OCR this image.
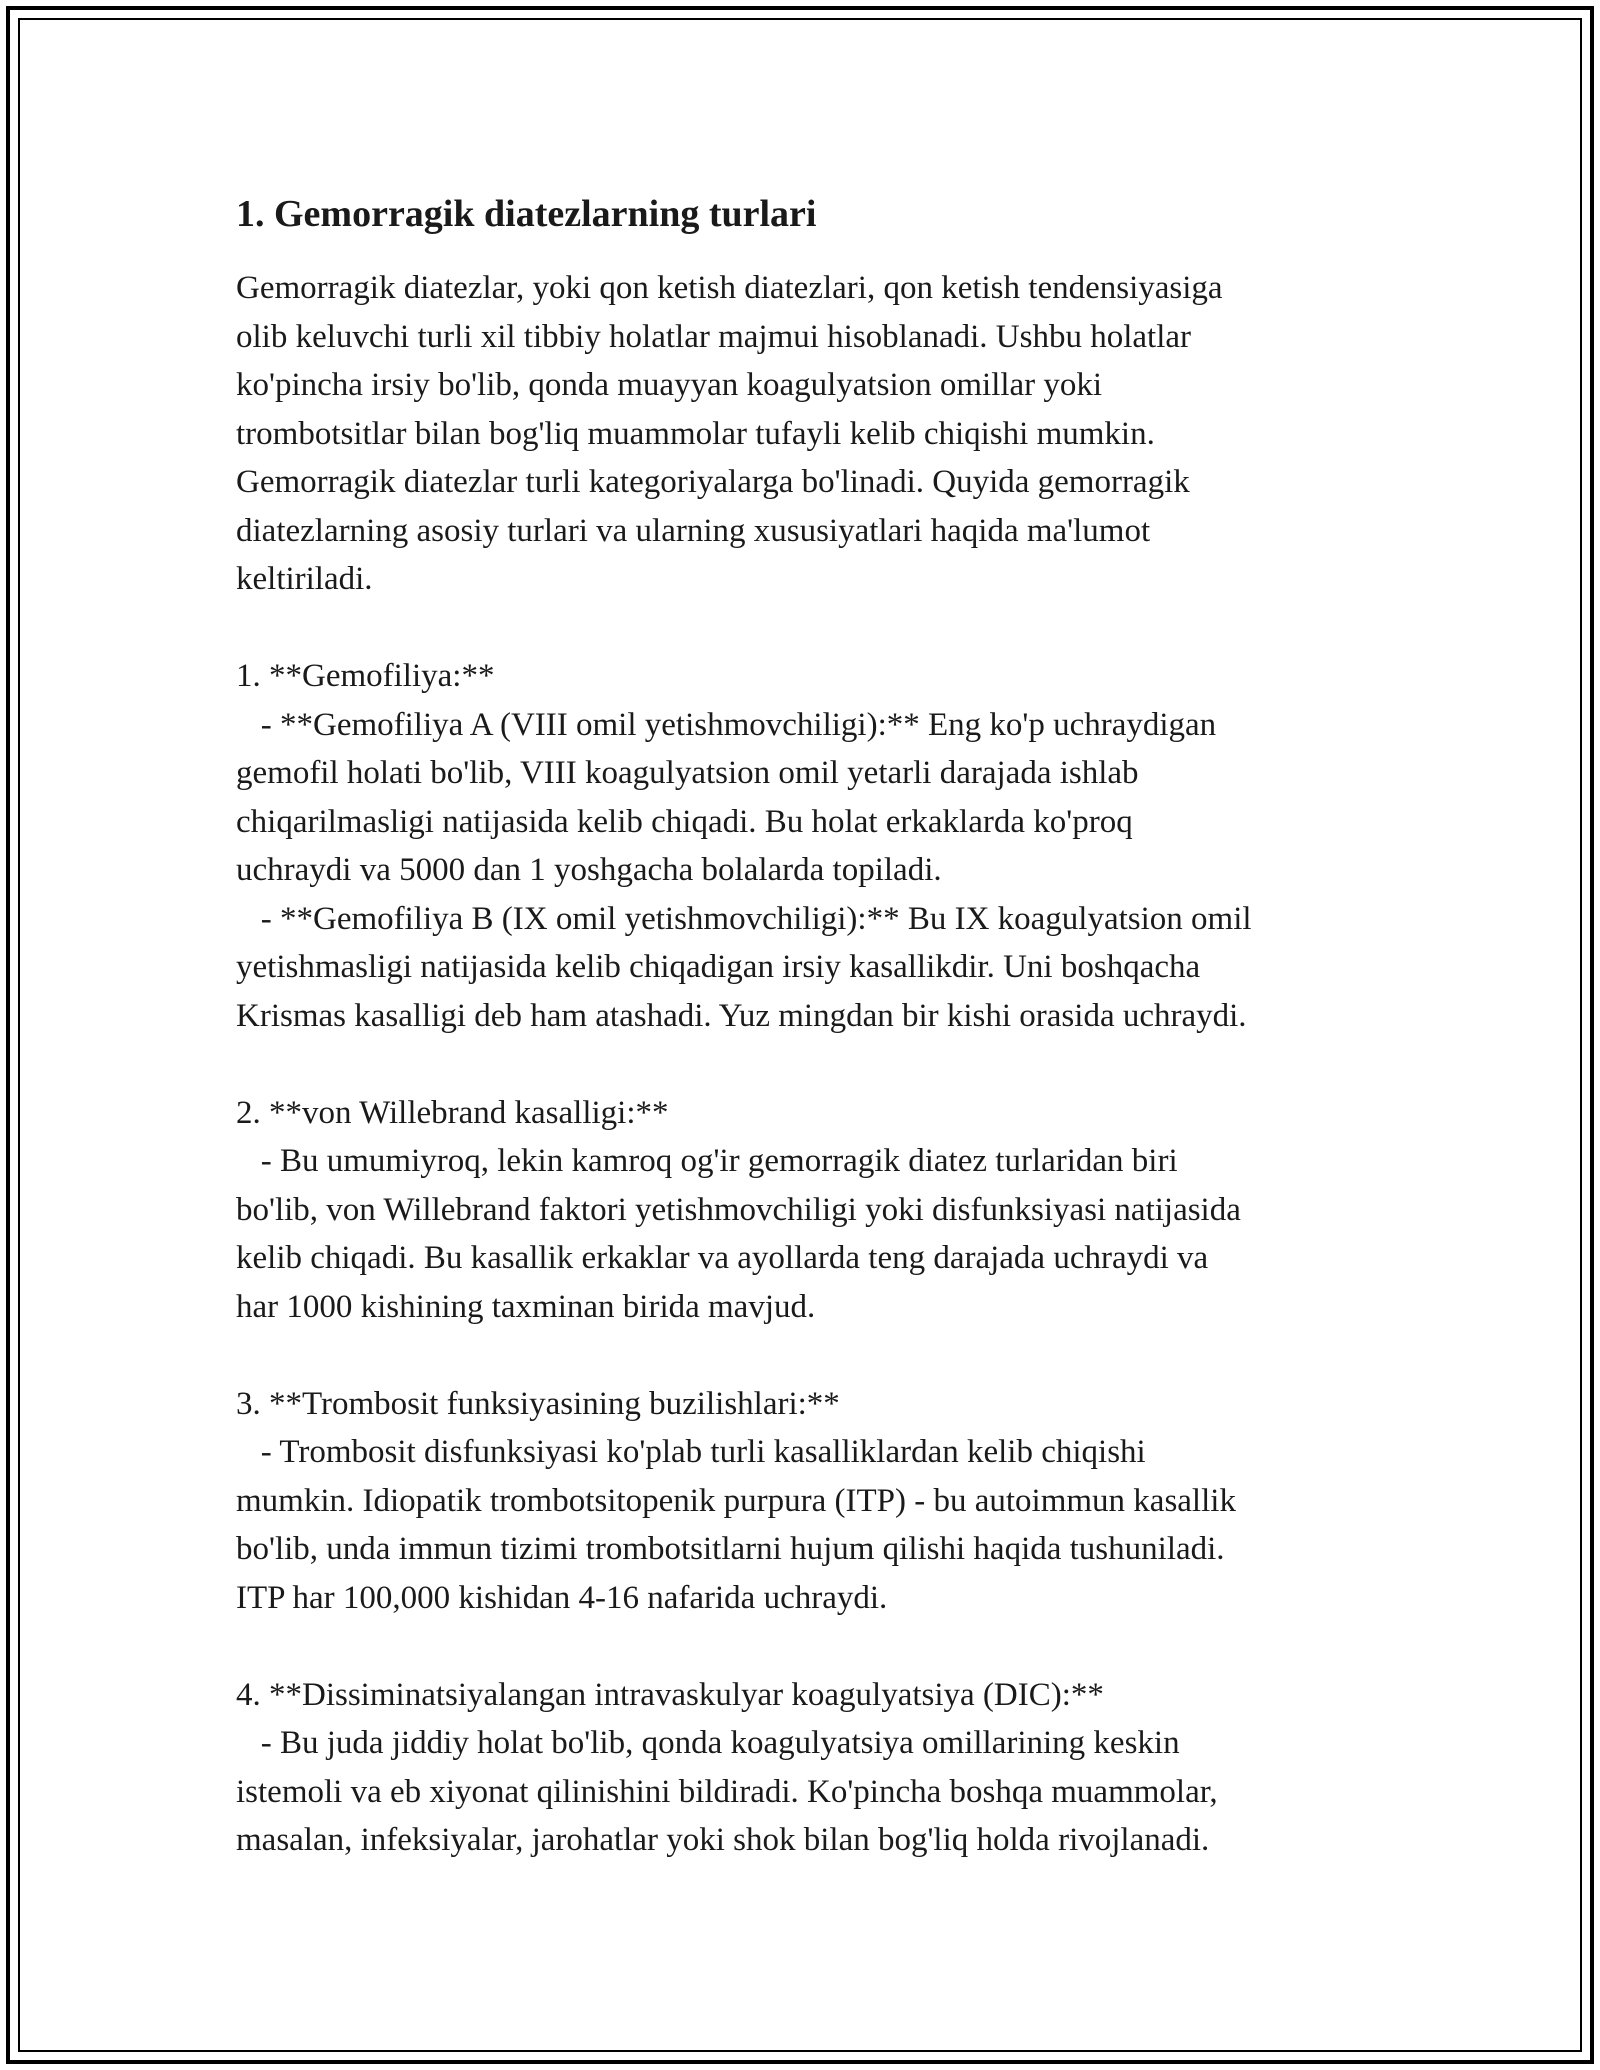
1. Gemorragik diatezlarning turlari

Gemorragik diatezlar, yoki qon ketish diatezlari, qon ketish tendensiyasiga
olib keluvchi turli xil tibbiy holatlar majmui hisoblanadi. Ushbu holatlar
ko'pincha irsiy bo'lib, qonda muayyan koagulyatsion omillar yoki
trombotsitlar bilan bog'liq muammolar tufayli kelib chiqishi mumkin.
Gemorragik diatezlar turli kategoriyalarga bo'linadi. Quyida gemorragik
diatezlarning asosiy turlari va ularning xususiyatlari haqida ma'lumot
keltiriladi.

1. **Gemofiliya:**
- **Gemofiliya A (VIII omil yetishmovchiligi):** Eng ko'p uchraydigan
gemofil holati bo'lib, VIII koagulyatsion omil yetarli darajada ishlab
chiqarilmasligi natijasida kelib chiqadi. Bu holat erkaklarda ko'proq
uchraydi va 5000 dan 1 yoshgacha bolalarda topiladi.
- **Gemofiliya B (IX omil yetishmovchiligi):** Bu IX koagulyatsion omil
yetishmasligi natijasida kelib chiqadigan irsiy kasallikdir. Uni boshqacha
Krismas kasalligi deb ham atashadi. Yuz mingdan bir kishi orasida uchraydi.

2. **von Willebrand kasalligi:**
- Bu umumiyroq, lekin kamroq og'ir gemorragik diatez turlaridan biri
bo'lib, von Willebrand faktori yetishmovchiligi yoki disfunksiyasi natijasida
kelib chiqadi. Bu kasallik erkaklar va ayollarda teng darajada uchraydi va
har 1000 kishining taxminan birida mavjud.

3. **Trombosit funksiyasining buzilishlari:**
- Trombosit disfunksiyasi ko'plab turli kasalliklardan kelib chiqishi
mumkin. Idiopatik trombotsitopenik purpura (ITP) - bu autoimmun kasallik
bo'lib, unda immun tizimi trombotsitlarni hujum qilishi haqida tushuniladi.
ITP har 100,000 kishidan 4-16 nafarida uchraydi.

4. **Dissiminatsiyalangan intravaskulyar koagulyatsiya (DIC):**
- Bu juda jiddiy holat bo'lib, qonda koagulyatsiya omillarining keskin
istemoli va eb xiyonat qilinishini bildiradi. Ko'pincha boshqa muammolar,
masalan, infeksiyalar, jarohatlar yoki shok bilan bog'liq holda rivojlanadi.
